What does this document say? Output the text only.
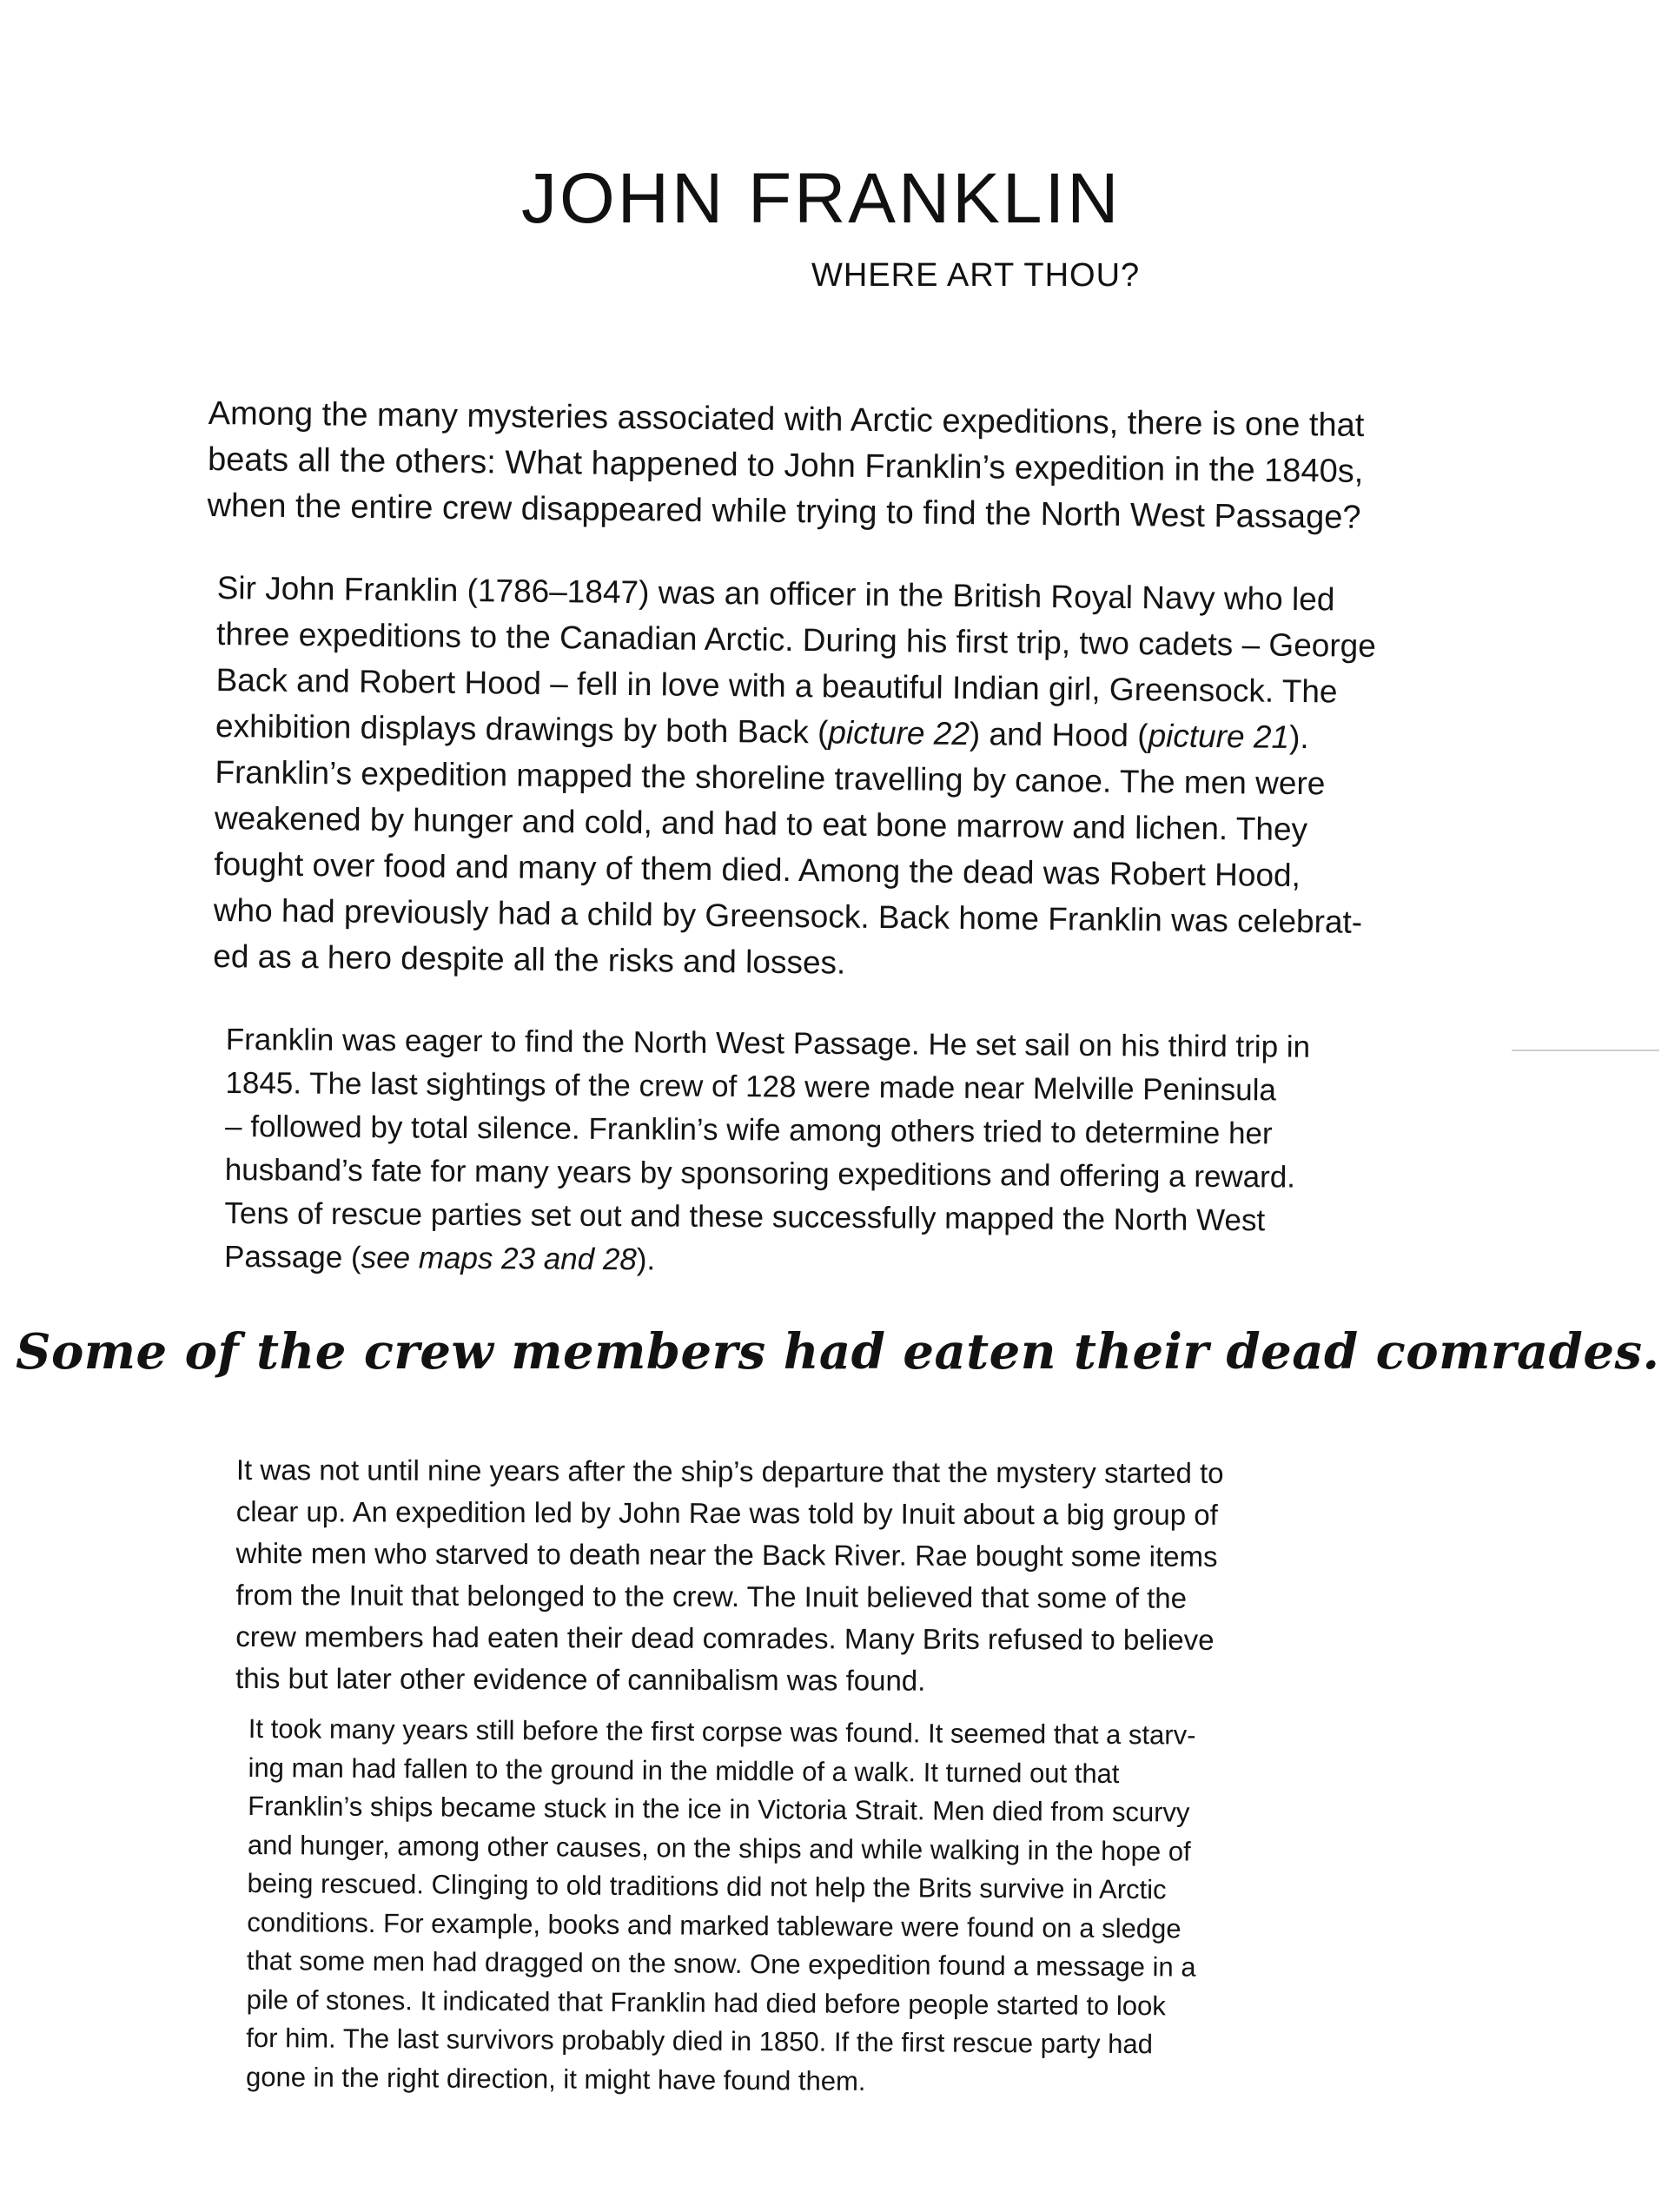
JOHN FRANKLIN
WHERE ART THOU?

Among the many mysteries associated with Arctic expeditions, there is one that

beats all the others: What happened to John Franklin’s expedition in the 1840s,

when the entire crew disappeared while trying to find the North West Passage?

Sir John Franklin (1786–1847) was an officer in the British Royal Navy who led

three expeditions to the Canadian Arctic. During his first trip, two cadets – George

Back and Robert Hood – fell in love with a beautiful Indian girl, Greensock. The

exhibition displays drawings by both Back (picture 22) and Hood (picture 21).

Franklin’s expedition mapped the shoreline travelling by canoe. The men were

weakened by hunger and cold, and had to eat bone marrow and lichen. They

fought over food and many of them died. Among the dead was Robert Hood,

who had previously had a child by Greensock. Back home Franklin was celebrat-

ed as a hero despite all the risks and losses.

Franklin was eager to find the North West Passage. He set sail on his third trip in

1845. The last sightings of the crew of 128 were made near Melville Peninsula

– followed by total silence. Franklin’s wife among others tried to determine her

husband’s fate for many years by sponsoring expeditions and offering a reward.

Tens of rescue parties set out and these successfully mapped the North West

Passage (see maps 23 and 28).

Some of the crew members had eaten their dead comrades.

It was not until nine years after the ship’s departure that the mystery started to

clear up. An expedition led by John Rae was told by Inuit about a big group of

white men who starved to death near the Back River. Rae bought some items

from the Inuit that belonged to the crew. The Inuit believed that some of the

crew members had eaten their dead comrades. Many Brits refused to believe

this but later other evidence of cannibalism was found.

It took many years still before the first corpse was found. It seemed that a starv-

ing man had fallen to the ground in the middle of a walk. It turned out that

Franklin’s ships became stuck in the ice in Victoria Strait. Men died from scurvy

and hunger, among other causes, on the ships and while walking in the hope of

being rescued. Clinging to old traditions did not help the Brits survive in Arctic

conditions. For example, books and marked tableware were found on a sledge

that some men had dragged on the snow. One expedition found a message in a

pile of stones. It indicated that Franklin had died before people started to look

for him. The last survivors probably died in 1850. If the first rescue party had

gone in the right direction, it might have found them.
